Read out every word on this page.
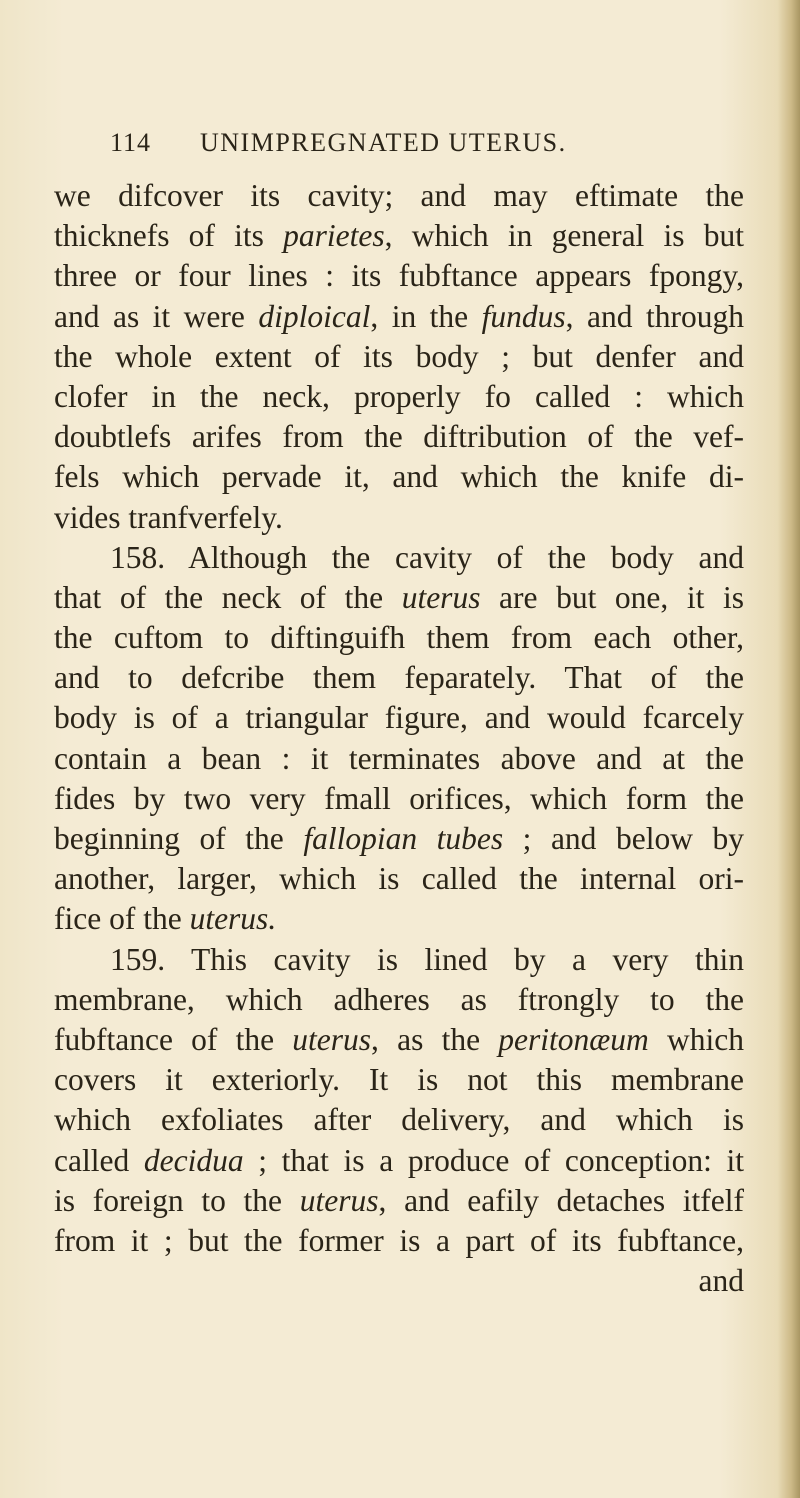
114 UNIMPREGNATED UTERUS.
we difcover its cavity; and may eftimate the
thicknefs of its parietes, which in general is but
three or four lines : its fubftance appears fpongy,
and as it were diploical, in the fundus, and through
the whole extent of its body ; but denfer and
clofer in the neck, properly fo called : which
doubtlefs arifes from the diftribution of the vef-
fels which pervade it, and which the knife di-
vides tranfverfely.
158. Although the cavity of the body and
that of the neck of the uterus are but one, it is
the cuftom to diftinguifh them from each other,
and to defcribe them feparately. That of the
body is of a triangular figure, and would fcarcely
contain a bean : it terminates above and at the
fides by two very fmall orifices, which form the
beginning of the fallopian tubes ; and below by
another, larger, which is called the internal ori-
fice of the uterus.
159. This cavity is lined by a very thin
membrane, which adheres as ftrongly to the
fubftance of the uterus, as the peritonæum which
covers it exteriorly. It is not this membrane
which exfoliates after delivery, and which is
called decidua ; that is a produce of conception: it
is foreign to the uterus, and eafily detaches itfelf
from it ; but the former is a part of its fubftance,
and
